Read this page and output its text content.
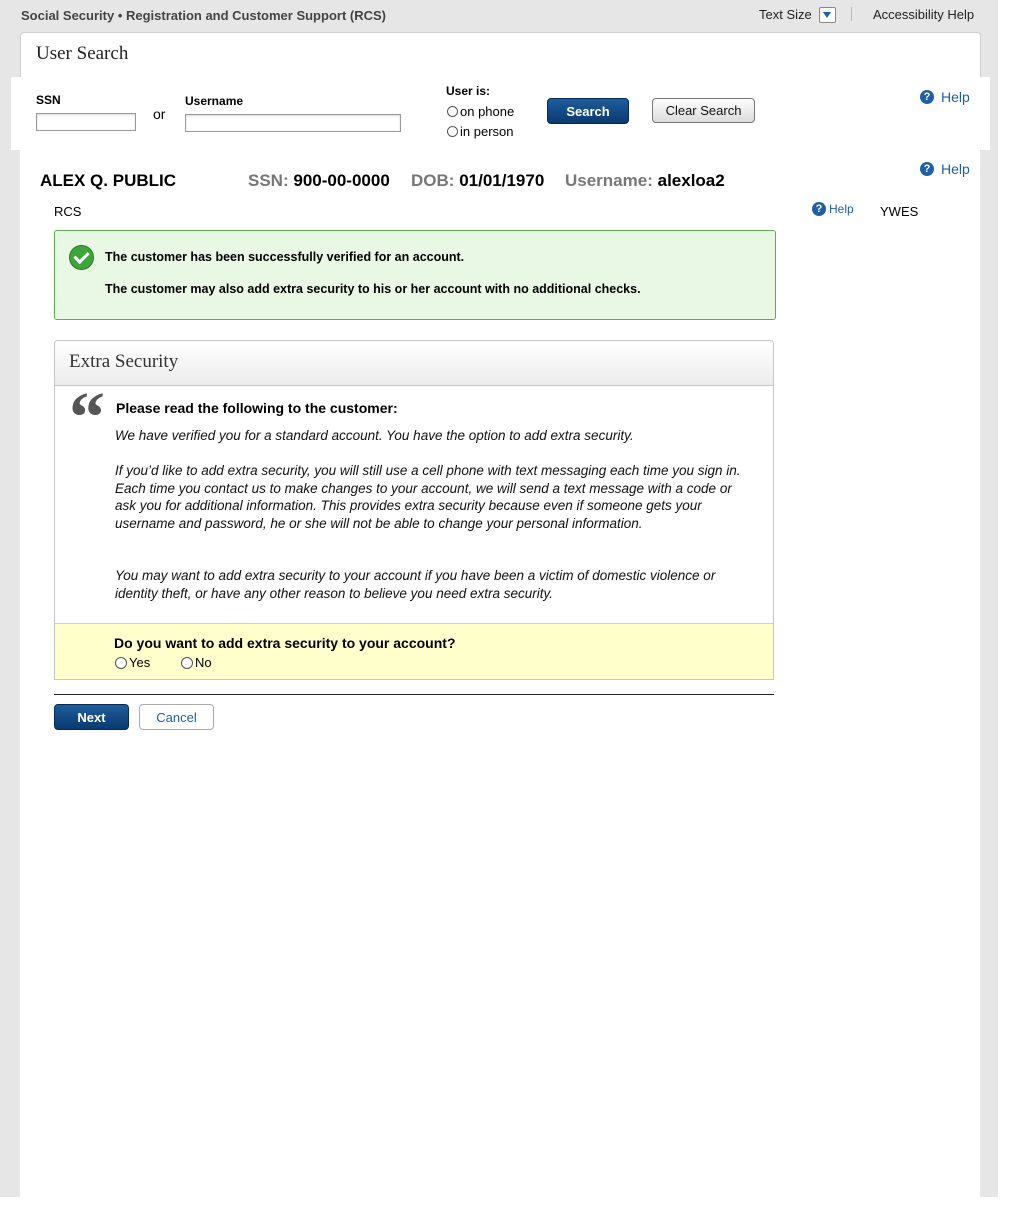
Social Security • Registration and Customer Support (RCS)	Text Size	Accessibility Help
User Search
SSN
or
Username
User is:
on phone
in person
Search	Clear Search
? Help
? Help
ALEX Q. PUBLIC	SSN: 900-00-0000 DOB: 01/01/1970 Username: alexloa2
RCS	? Help YWES
The customer has been successfully verified for an account.
The customer may also add extra security to his or her account with no additional checks.
Extra Security
“ Please read the following to the customer:
We have verified you for a standard account. You have the option to add extra security.
If you’d like to add extra security, you will still use a cell phone with text messaging each time you sign in. Each time you contact us to make changes to your account, we will send a text message with a code or ask you for additional information. This provides extra security because even if someone gets your username and password, he or she will not be able to change your personal information.
You may want to add extra security to your account if you have been a victim of domestic violence or identity theft, or have any other reason to believe you need extra security.
Do you want to add extra security to your account?
Yes	No
Next	Cancel
